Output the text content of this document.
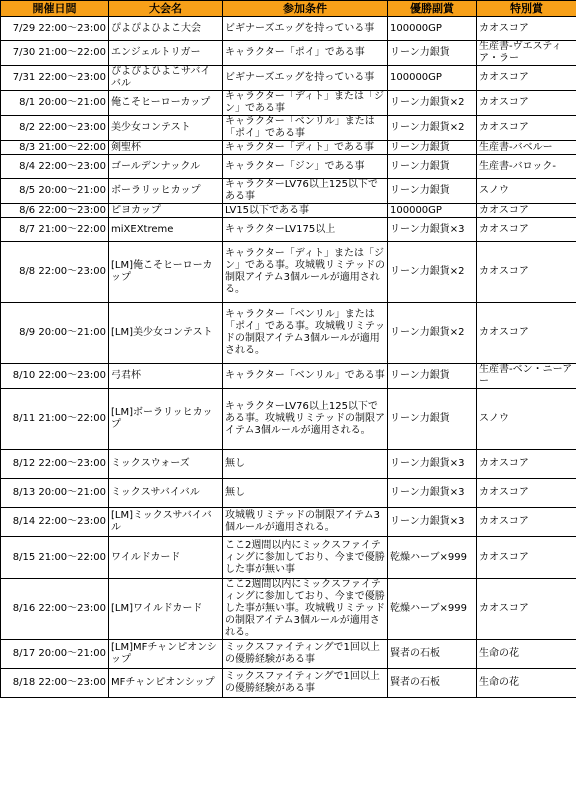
開催日閊	大会名	参加条件	優勝副賞	特別賞
7/29 22:00～23:00	ぴよぴよひよこ大会	ビギナーズエッグを持っている事	100000GP	カオスコア
7/30 21:00～22:00	エンジェルトリガー	キャラクター「ポイ」である事	リーン力銀貨	生産書-ヴエスティア・ラー
7/31 22:00～23:00	ぴよぴよひよこサバイバル	ビギナーズエッグを持っている事	100000GP	カオスコア
8/1 20:00～21:00	俺こそヒーローカップ	キャラクター「ディト」または「ジン」である事	リーン力銀貨×2	カオスコア
8/2 22:00～23:00	美少女コンテスト	キャラクター「ベンリル」または「ポイ」である事	リーン力銀貨×2	カオスコア
8/3 21:00～22:00	剣聖杯	キャラクター「ディト」である事	リーン力銀貨	生産書-バベルー
8/4 22:00～23:00	ゴールデンナックル	キャラクター「ジン」である事	リーン力銀貨	生産書-バロック-
8/5 20:00～21:00	ボーラリッヒカップ	キャラクターLV76以上125以下である事	リーン力銀貨	スノウ
8/6 22:00～23:00	ピヨカップ	LV15以下である事	100000GP	カオスコア
8/7 21:00～22:00	miXEXtreme	キャラクターLV175以上	リーン力銀貨×3	カオスコア
8/8 22:00～23:00	[LM]俺こそヒーローカップ	キャラクター「ディト」または「ジン」である事。攻城戦リミテッドの制限アイテム3個ルールが適用される。	リーン力銀貨×2	カオスコア
8/9 20:00～21:00	[LM]美少女コンテスト	キャラクター「ベンリル」または「ポイ」である事。攻城戦リミテッドの制限アイテム3個ルールが適用される。	リーン力銀貨×2	カオスコア
8/10 22:00～23:00	弓君杯	キャラクター「ベンリル」である事	リーン力銀貨	生産書-ベン・ニーアー
8/11 21:00～22:00	[LM]ボーラリッヒカップ	キャラクターLV76以上125以下である事。攻城戦リミテッドの制限アイテム3個ルールが適用される。	リーン力銀貨	スノウ
8/12 22:00～23:00	ミックスウォーズ	無し	リーン力銀貨×3	カオスコア
8/13 20:00～21:00	ミックスサバイバル	無し	リーン力銀貨×3	カオスコア
8/14 22:00～23:00	[LM]ミックスサバイバル	攻城戦リミテッドの制限アイテム3個ルールが適用される。	リーン力銀貨×3	カオスコア
8/15 21:00～22:00	ワイルドカード	ここ2週間以内にミックスファイティングに参加しており、今まで優勝した事が無い事	乾燥ハーブ×999	カオスコア
8/16 22:00～23:00	[LM]ワイルドカード	ここ2週間以内にミックスファイティングに参加しており、今まで優勝した事が無い事。攻城戦リミテッドの制限アイテム3個ルールが適用される。	乾燥ハーブ×999	カオスコア
8/17 20:00～21:00	[LM]MFチャンピオンシップ	ミックスファイティングで1回以上の優勝経験がある事	賢者の石板	生命の花
8/18 22:00～23:00	MFチャンピオンシップ	ミックスファイティングで1回以上の優勝経験がある事	賢者の石板	生命の花
